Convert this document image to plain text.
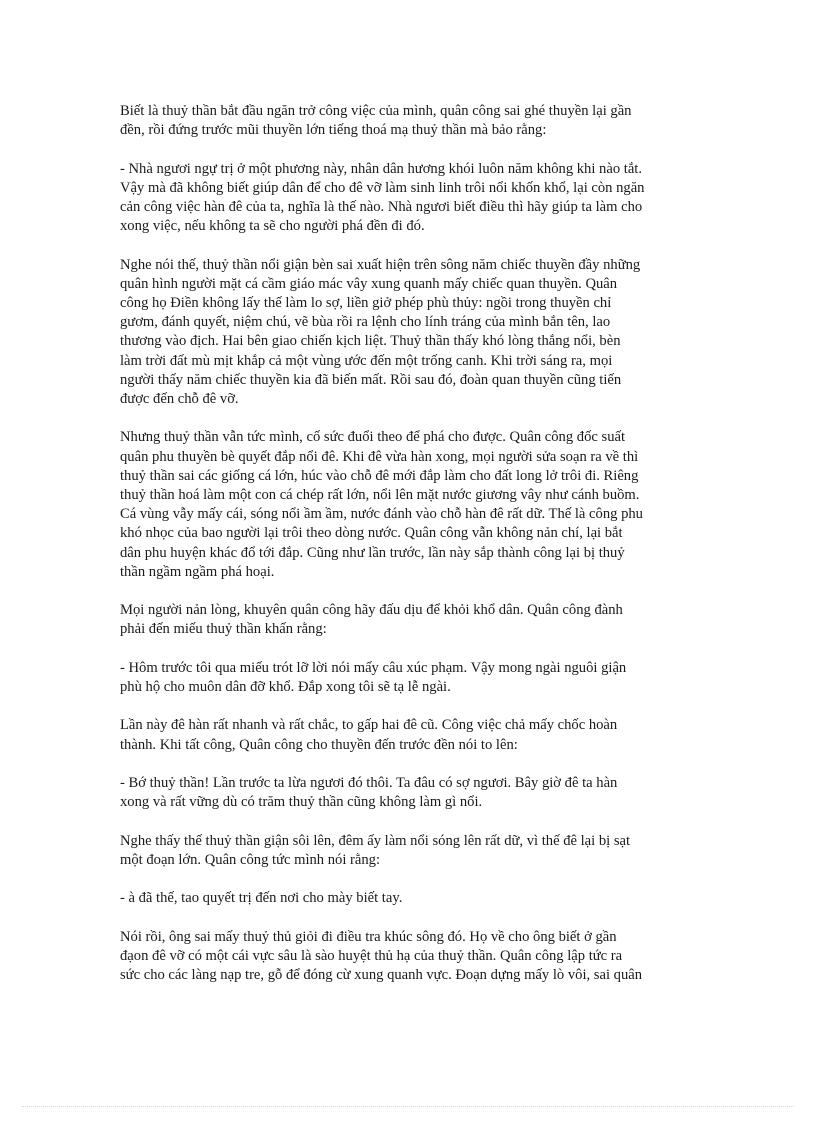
Biết là thuỷ thần bắt đầu ngăn trở công việc của mình, quân công sai ghé thuyền lại gần
đền, rồi đứng trước mũi thuyền lớn tiếng thoá mạ thuỷ thần mà bảo rằng:

- Nhà ngươi ngự trị ở một phương này, nhân dân hương khói luôn năm không khi nào tắt.
Vậy mà đã không biết giúp dân để cho đê vỡ làm sinh linh trôi nổi khốn khổ, lại còn ngăn
cản công việc hàn đê của ta, nghĩa là thế nào. Nhà ngươi biết điều thì hãy giúp ta làm cho
xong việc, nếu không ta sẽ cho người phá đền đi đó.

Nghe nói thế, thuỷ thần nổi giận bèn sai xuất hiện trên sông năm chiếc thuyền đầy những
quân hình người mặt cá cầm giáo mác vây xung quanh mấy chiếc quan thuyền. Quân
công họ Điền không lấy thế làm lo sợ, liền giở phép phù thủy: ngồi trong thuyền chỉ
gươm, đánh quyết, niệm chú, vẽ bùa rồi ra lệnh cho lính tráng của mình bắn tên, lao
thương vào địch. Hai bên giao chiến kịch liệt. Thuỷ thần thấy khó lòng thắng nổi, bèn
làm trời đất mù mịt khắp cả một vùng ước đến một trống canh. Khi trời sáng ra, mọi
người thấy năm chiếc thuyền kia đã biến mất. Rồi sau đó, đoàn quan thuyền cũng tiến
được đến chỗ đê vỡ.

Nhưng thuỷ thần vẫn tức mình, cố sức đuổi theo để phá cho được. Quân công đốc suất
quân phu thuyền bè quyết đắp nổi đê. Khi đê vừa hàn xong, mọi người sửa soạn ra về thì
thuỷ thần sai các giống cá lớn, húc vào chỗ đê mới đắp làm cho đất long lở trôi đi. Riêng
thuỷ thần hoá làm một con cá chép rất lớn, nổi lên mặt nước giương vây như cánh buồm.
Cá vùng vẫy mấy cái, sóng nổi ầm ầm, nước đánh vào chỗ hàn đê rất dữ. Thế là công phu
khó nhọc của bao người lại trôi theo dòng nước. Quân công vẫn không nản chí, lại bắt
dân phu huyện khác đổ tới đắp. Cũng như lần trước, lần này sắp thành công lại bị thuỷ
thần ngầm ngầm phá hoại.

Mọi người nản lòng, khuyên quân công hãy đấu dịu để khỏi khổ dân. Quân công đành
phải đến miếu thuỷ thần khấn rằng:

- Hôm trước tôi qua miếu trót lỡ lời nói mấy câu xúc phạm. Vậy mong ngài nguôi giận
phù hộ cho muôn dân đỡ khổ. Đắp xong tôi sẽ tạ lễ ngài.

Lần này đê hàn rất nhanh và rất chắc, to gấp hai đê cũ. Công việc chả mấy chốc hoàn
thành. Khi tất công, Quân công cho thuyền đến trước đền nói to lên:

- Bớ thuỷ thần! Lần trước ta lừa ngươi đó thôi. Ta đâu có sợ ngươi. Bây giờ đê ta hàn
xong và rất vững dù có trăm thuỷ thần cũng không làm gì nổi.

Nghe thấy thế thuỷ thần giận sôi lên, đêm ấy làm nổi sóng lên rất dữ, vì thế đê lại bị sạt
một đoạn lớn. Quân công tức mình nói rằng:

- à đã thế, tao quyết trị đến nơi cho mày biết tay.

Nói rồi, ông sai mấy thuỷ thủ giỏi đi điều tra khúc sông đó. Họ về cho ông biết ở gần
đạon đê vỡ có một cái vực sâu là sào huyệt thủ hạ của thuỷ thần. Quân công lập tức ra
sức cho các làng nạp tre, gỗ để đóng cừ xung quanh vực. Đoạn dựng mấy lò vôi, sai quân
